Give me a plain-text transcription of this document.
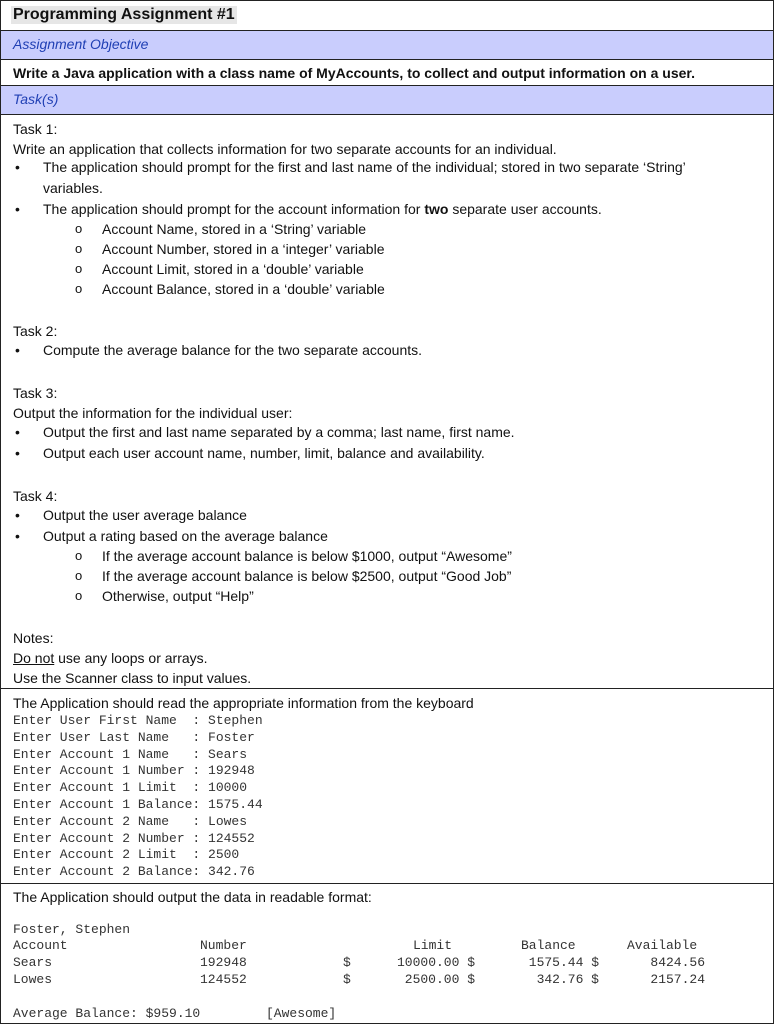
Programming Assignment #1
Assignment Objective
Write a Java application with a class name of MyAccounts, to collect and output information on a user.
Task(s)
Task 1:
Write an application that collects information for two separate accounts for an individual.
• The application should prompt for the first and last name of the individual; stored in two separate ‘String’
variables.
• The application should prompt for the account information for two separate user accounts.
o Account Name, stored in a ‘String’ variable
o Account Number, stored in a ‘integer’ variable
o Account Limit, stored in a ‘double’ variable
o Account Balance, stored in a ‘double’ variable
Task 2:
• Compute the average balance for the two separate accounts.
Task 3:
Output the information for the individual user:
• Output the first and last name separated by a comma; last name, first name.
• Output each user account name, number, limit, balance and availability.
Task 4:
• Output the user average balance
• Output a rating based on the average balance
o If the average account balance is below $1000, output “Awesome”
o If the average account balance is below $2500, output “Good Job”
o Otherwise, output “Help”
Notes:
Do not use any loops or arrays.
Use the Scanner class to input values.
The Application should read the appropriate information from the keyboard
Enter User First Name  : Stephen
Enter User Last Name   : Foster
Enter Account 1 Name   : Sears
Enter Account 1 Number : 192948
Enter Account 1 Limit  : 10000
Enter Account 1 Balance: 1575.44
Enter Account 2 Name   : Lowes
Enter Account 2 Number : 124552
Enter Account 2 Limit  : 2500
Enter Account 2 Balance: 342.76
The Application should output the data in readable format:
Foster, Stephen
Account	Number	Limit	Balance	Available
Sears	192948	$	10000.00 $	1575.44 $	8424.56
Lowes	124552	$	2500.00 $	342.76 $	2157.24
Average Balance: $959.10	[Awesome]
